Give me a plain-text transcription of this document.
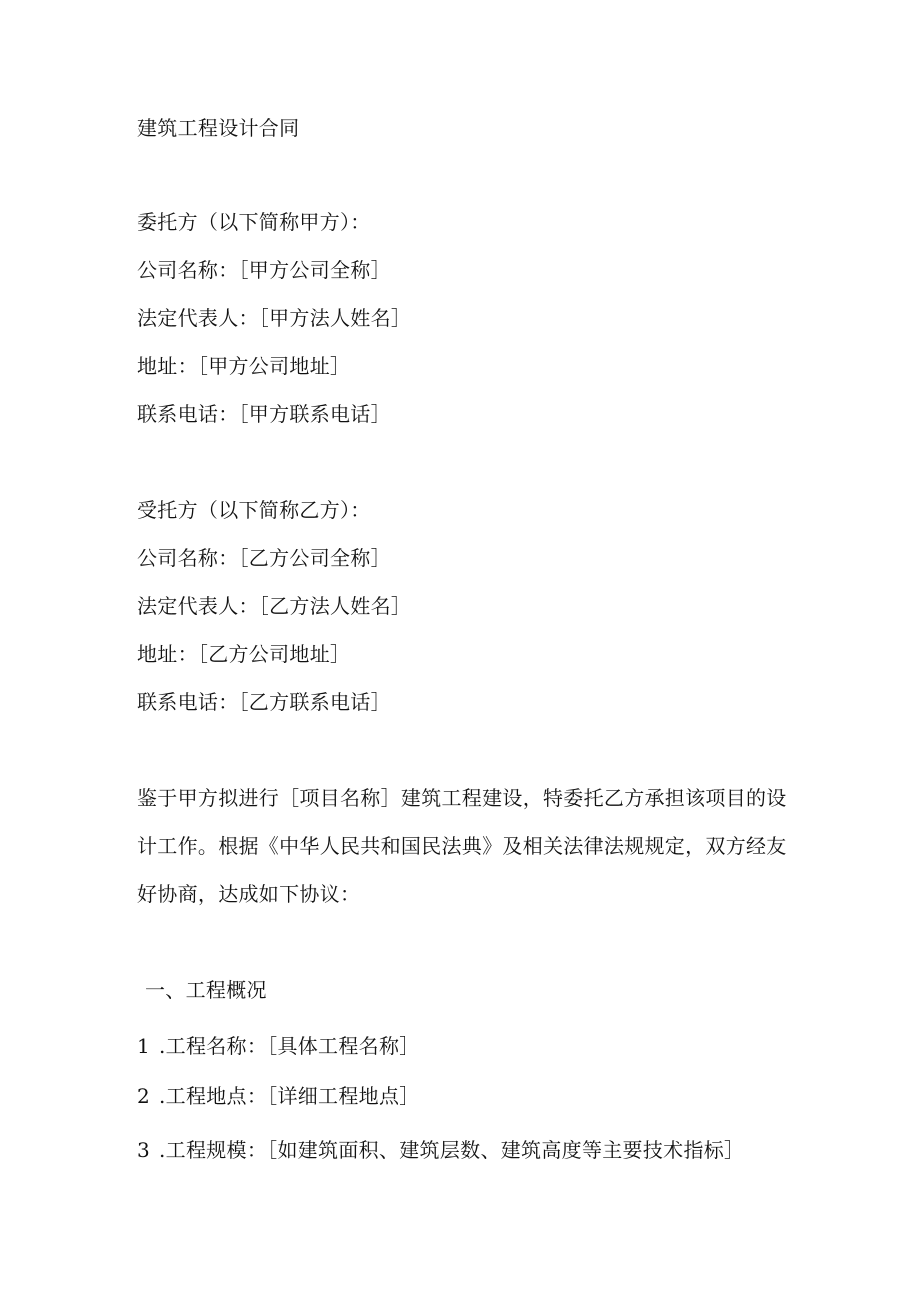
建筑工程设计合同
委托方（以下简称甲方）：
公司名称：［甲方公司全称］
法定代表人：［甲方法人姓名］
地址：［甲方公司地址］
联系电话：［甲方联系电话］
受托方（以下简称乙方）：
公司名称：［乙方公司全称］
法定代表人：［乙方法人姓名］
地址：［乙方公司地址］
联系电话：［乙方联系电话］
鉴于甲方拟进行［项目名称］建筑工程建设，特委托乙方承担该项目的设
计工作。根据《中华人民共和国民法典》及相关法律法规规定，双方经友
好协商，达成如下协议：
一、工程概况
1 .工程名称：［具体工程名称］
2 .工程地点：［详细工程地点］
3 .工程规模：［如建筑面积、建筑层数、建筑高度等主要技术指标］
